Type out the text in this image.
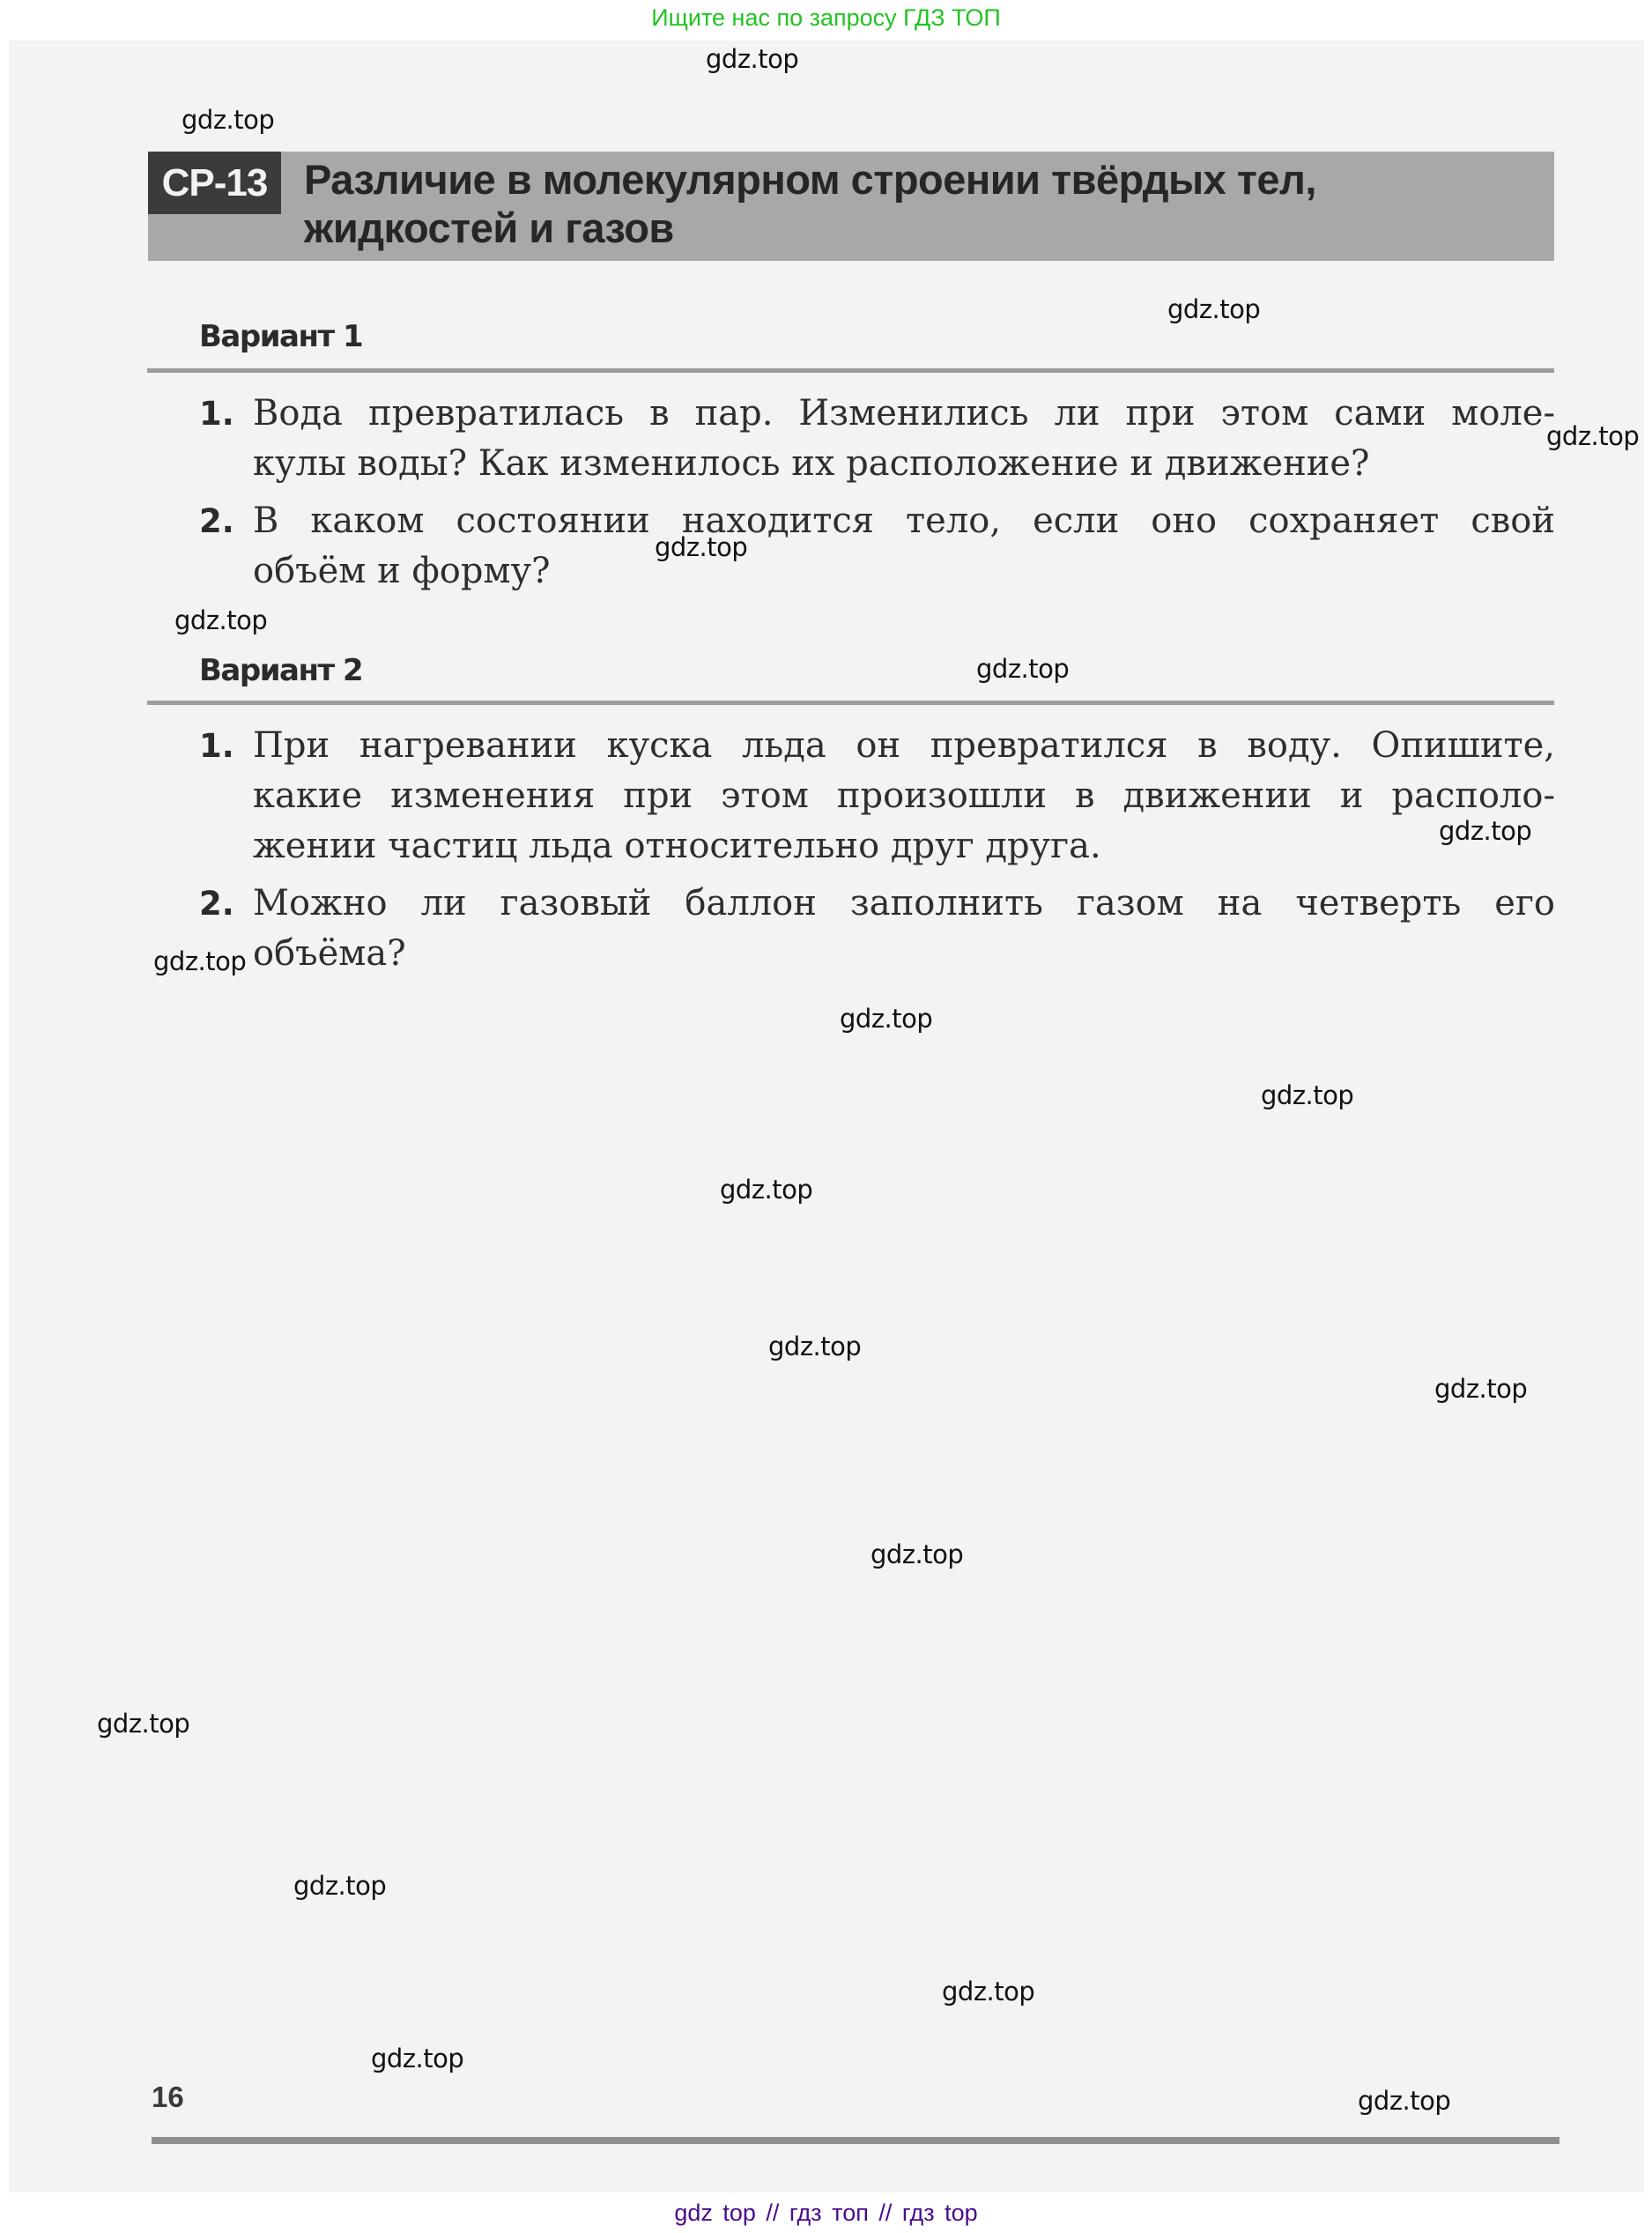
Ищите нас по запросу ГДЗ ТОП
СР-13 Различие в молекулярном строении твёрдых тел,
жидкостей и газов
Вариант 1
1. Вода превратилась в пар. Изменились ли при этом сами моле-
кулы воды? Как изменилось их расположение и движение?
2. В каком состоянии находится тело, если оно сохраняет свой
объём и форму?
Вариант 2
1. При нагревании куска льда он превратился в воду. Опишите,
какие изменения при этом произошли в движении и располо-
жении частиц льда относительно друг друга.
2. Можно ли газовый баллон заполнить газом на четверть его
объёма?
16
gdz top // гдз топ // гдз top
gdz.top
gdz.top
gdz.top
gdz.top
gdz.top
gdz.top
gdz.top
gdz.top
gdz.top
gdz.top
gdz.top
gdz.top
gdz.top
gdz.top
gdz.top
gdz.top
gdz.top
gdz.top
gdz.top
gdz.top
